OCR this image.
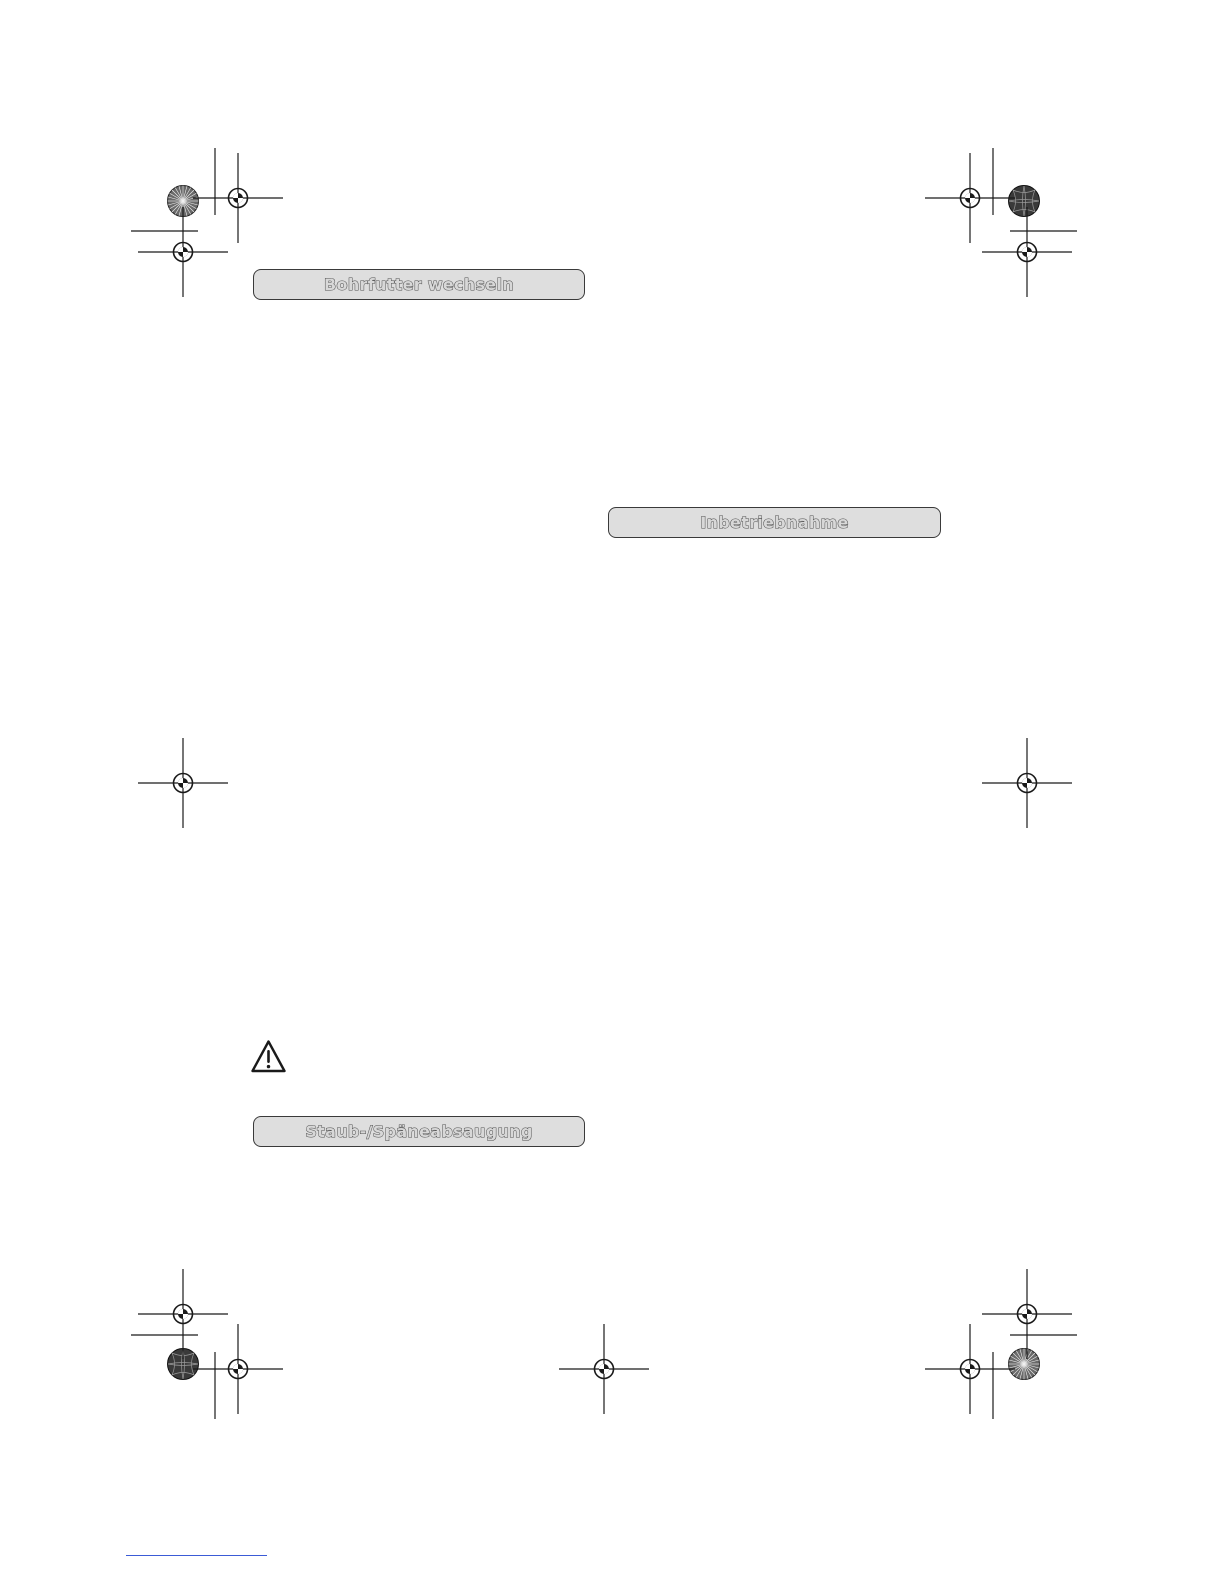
Bohrfutter wechseln
Inbetriebnahme
Staub-/Späneabsaugung
